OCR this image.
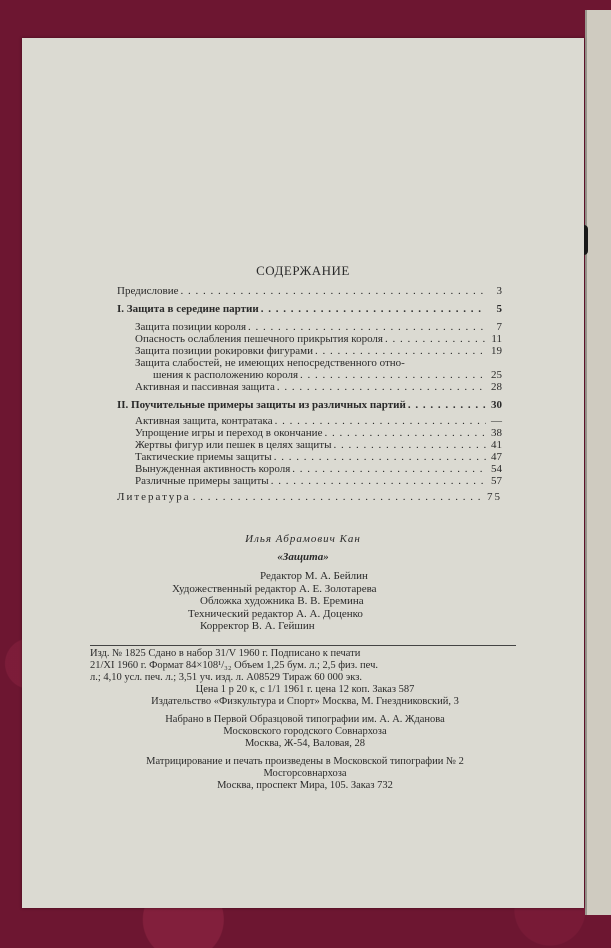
СОДЕРЖАНИЕ
Предисловие . . .	3
I. Защита в середине партии . . .	5
Защита позиции короля . . .	7
Опасность ослабления пешечного прикрытия короля . . .	11
Защита позиции рокировки фигурами . . .	19
Защита слабостей, не имеющих непосредственного отно-
шения к расположению короля . . .	25
Активная и пассивная защита . . .	28
II. Поучительные примеры защиты из различных партий . . .	30
Активная защита, контратака . . .	—
Упрощение игры и переход в окончание . . .	38
Жертвы фигур или пешек в целях защиты . . .	41
Тактические приемы защиты . . .	47
Вынужденная активность короля . . .	54
Различные примеры защиты . . .	57
Литература . . .	75
Илья Абрамович Кан
«Защита»
Редактор М. А. Бейлин
Художественный редактор А. Е. Золотарева
Обложка художника В. В. Еремина
Технический редактор А. А. Доценко
Корректор В. А. Гейшин
Изд. № 1825 Сдано в набор 31/V 1960 г. Подписано к печати
21/XI 1960 г. Формат 84×108¹/₃₂ Объем 1,25 бум. л.; 2,5 физ. печ.
л.; 4,10 усл. печ. л.; 3,51 уч. изд. л. А08529 Тираж 60 000 экз.
Цена 1 р 20 к, с 1/1 1961 г. цена 12 коп. Заказ 587
Издательство «Физкультура и Спорт» Москва, М. Гнездниковский, 3
Набрано в Первой Образцовой типографии им. А. А. Жданова
Московского городского Совнархоза
Москва, Ж-54, Валовая, 28
Матрицирование и печать произведены в Московской типографии № 2
Мосгорсовнархоза
Москва, проспект Мира, 105. Заказ 732
